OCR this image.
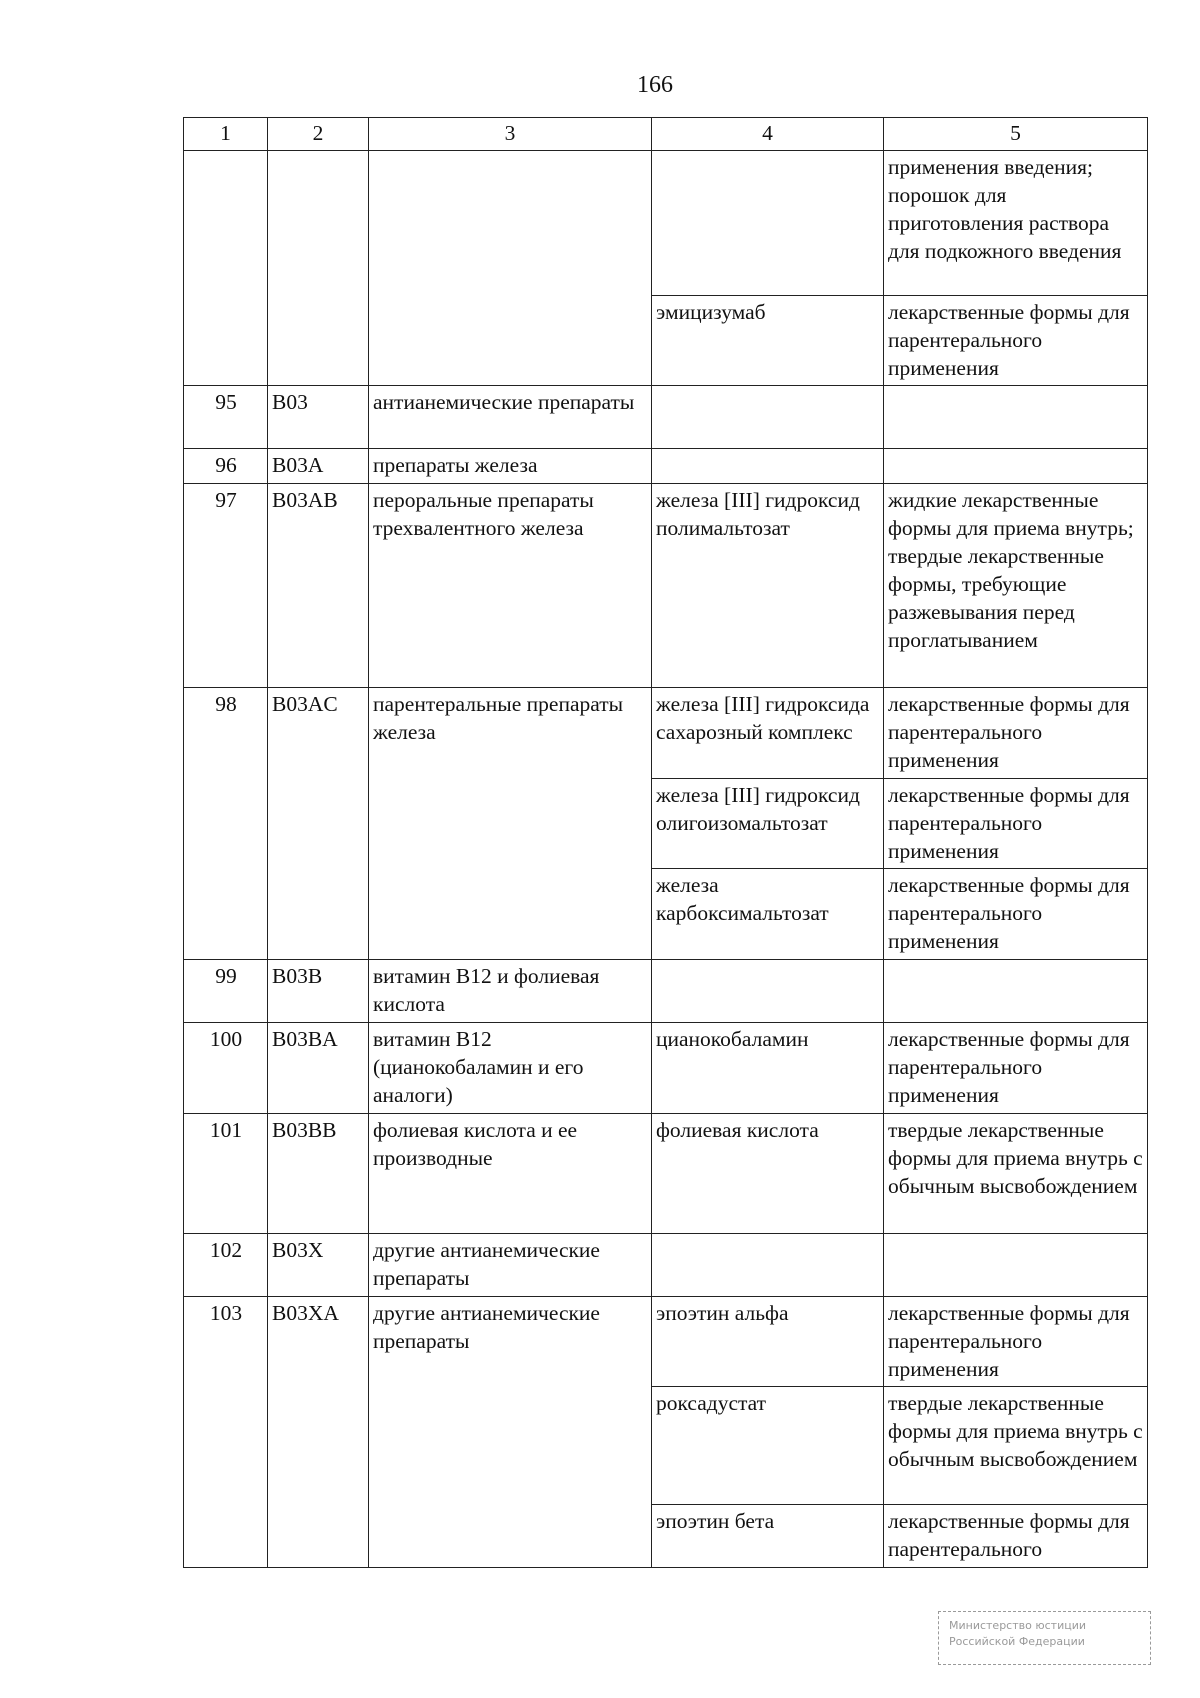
166
1	2	3	4	5
				применения введения; порошок для приготовления раствора для подкожного введения
			эмицизумаб	лекарственные формы для парентерального применения
95	B03	антианемические препараты		
96	B03A	препараты железа		
97	B03AB	пероральные препараты трехвалентного железа	железа [III] гидроксид полимальтозат	жидкие лекарственные формы для приема внутрь; твердые лекарственные формы, требующие разжевывания перед проглатыванием
98	B03AC	парентеральные препараты железа	железа [III] гидроксида сахарозный комплекс	лекарственные формы для парентерального применения
			железа [III] гидроксид олигоизомальтозат	лекарственные формы для парентерального применения
			железа карбоксимальтозат	лекарственные формы для парентерального применения
99	B03B	витамин B12 и фолиевая кислота		
100	B03BA	витамин B12 (цианокобаламин и его аналоги)	цианокобаламин	лекарственные формы для парентерального применения
101	B03BB	фолиевая кислота и ее производные	фолиевая кислота	твердые лекарственные формы для приема внутрь с обычным высвобождением
102	B03X	другие антианемические препараты		
103	B03XA	другие антианемические препараты	эпоэтин альфа	лекарственные формы для парентерального применения
			роксадустат	твердые лекарственные формы для приема внутрь с обычным высвобождением
			эпоэтин бета	лекарственные формы для парентерального
Министерство юстиции
Российской Федерации
